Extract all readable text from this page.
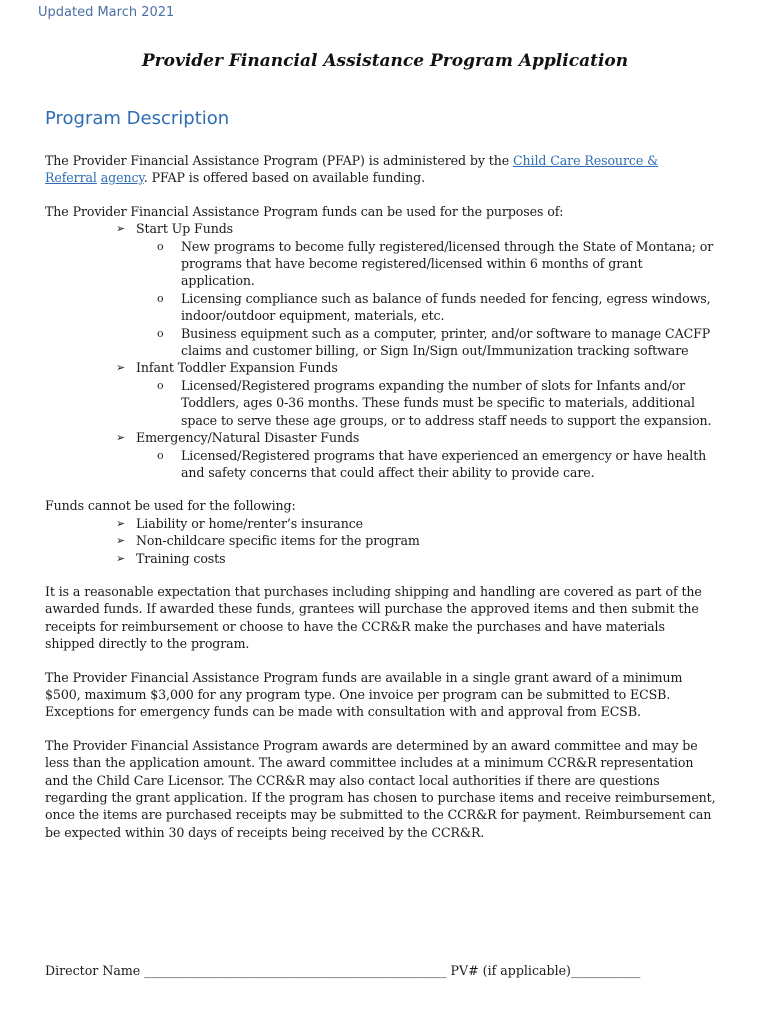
Updated March 2021
Provider Financial Assistance Program Application
Program Description

The Provider Financial Assistance Program (PFAP) is administered by the Child Care Resource &
Referral agency. PFAP is offered based on available funding.

The Provider Financial Assistance Program funds can be used for the purposes of:

➢ Start Up Funds
o New programs to become fully registered/licensed through the State of Montana; or programs that have become registered/licensed within 6 months of grant application.
o Licensing compliance such as balance of funds needed for fencing, egress windows, indoor/outdoor equipment, materials, etc.
o Business equipment such as a computer, printer, and/or software to manage CACFP claims and customer billing, or Sign In/Sign out/Immunization tracking software
➢ Infant Toddler Expansion Funds
o Licensed/Registered programs expanding the number of slots for Infants and/or Toddlers, ages 0-36 months. These funds must be specific to materials, additional space to serve these age groups, or to address staff needs to support the expansion.
➢ Emergency/Natural Disaster Funds
o Licensed/Registered programs that have experienced an emergency or have health and safety concerns that could affect their ability to provide care.

Funds cannot be used for the following:

➢ Liability or home/renter’s insurance
➢ Non-childcare specific items for the program
➢ Training costs

It is a reasonable expectation that purchases including shipping and handling are covered as part of the awarded funds. If awarded these funds, grantees will purchase the approved items and then submit the receipts for reimbursement or choose to have the CCR&R make the purchases and have materials shipped directly to the program.

The Provider Financial Assistance Program funds are available in a single grant award of a minimum $500, maximum $3,000 for any program type. One invoice per program can be submitted to ECSB. Exceptions for emergency funds can be made with consultation with and approval from ECSB.

The Provider Financial Assistance Program awards are determined by an award committee and may be less than the application amount. The award committee includes at a minimum CCR&R representation and the Child Care Licensor. The CCR&R may also contact local authorities if there are questions regarding the grant application. If the program has chosen to purchase items and receive reimbursement, once the items are purchased receipts may be submitted to the CCR&R for payment. Reimbursement can be expected within 30 days of receipts being received by the CCR&R.

Director Name ________________________________________________ PV# (if applicable)___________
